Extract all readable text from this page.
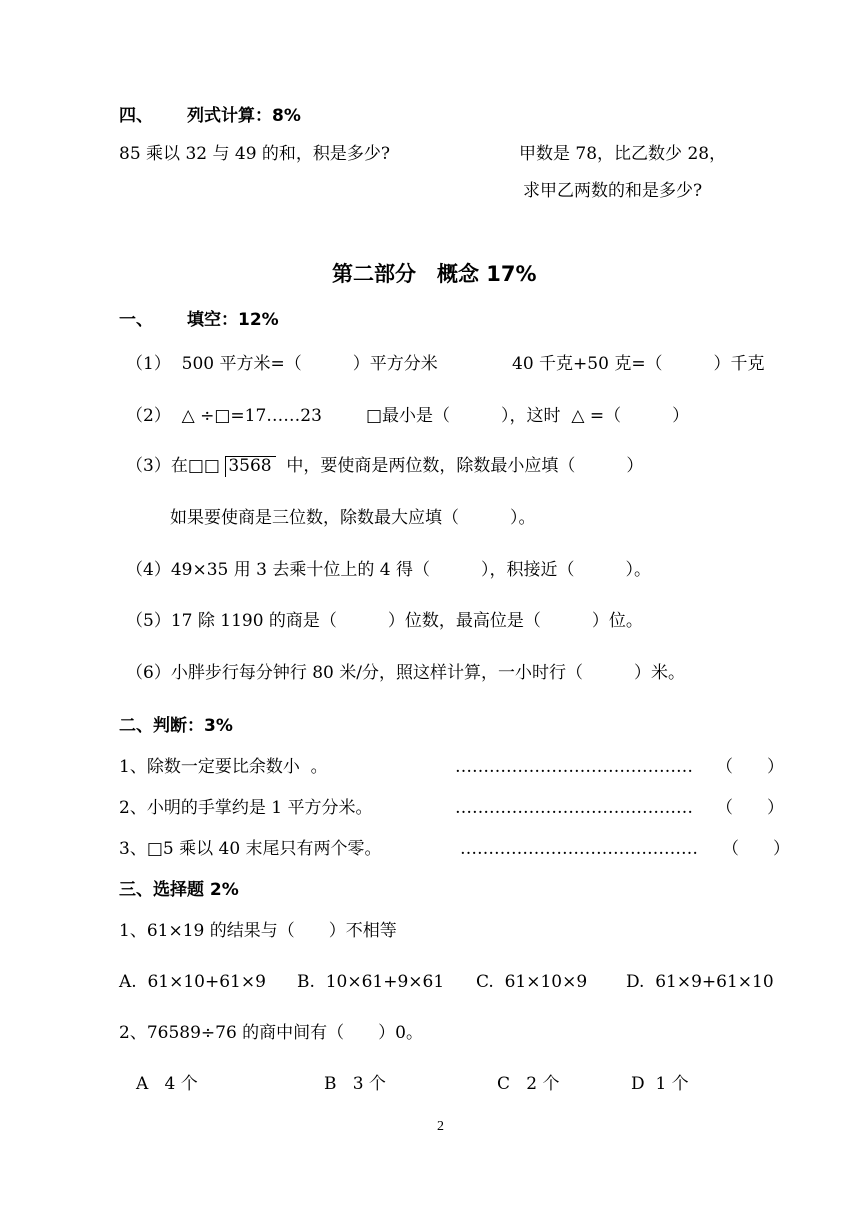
四、 列式计算：8%
85 乘以 32 与 49 的和，积是多少?	甲数是 78，比乙数少 28，
求甲乙两数的和是多少?
第二部分　概念 17%
一、 填空：12%
（1）  500 平方米=（　　　）平方分米	40 千克+50 克=（　　　）千克
（2）  △ ÷□=17……23	□最小是（　　　），这时  △ =（　　　）
（3）在□□ 3568  中，要使商是两位数，除数最小应填（　　　）
如果要使商是三位数，除数最大应填（　　　）。
（4）49×35 用 3 去乘十位上的 4 得（　　　），积接近（　　　）。
（5）17 除 1190 的商是（　　　）位数，最高位是（　　　）位。
（6）小胖步行每分钟行 80 米/分，照这样计算，一小时行（　　　）米。
二、判断：3%
1、除数一定要比余数小  。	…………………………………… （　　）
2、小明的手掌约是 1 平方分米。	…………………………………… （　　）
3、□5 乘以 40 末尾只有两个零。	…………………………………… （　　）
三、选择题 2%
1、61×19 的结果与（　　）不相等
A.  61×10+61×9 B.  10×61+9×61 C.  61×10×9 D.  61×9+61×10
2、76589÷76 的商中间有（　　）0。
A   4 个	B   3 个	C   2 个	D  1 个
2
